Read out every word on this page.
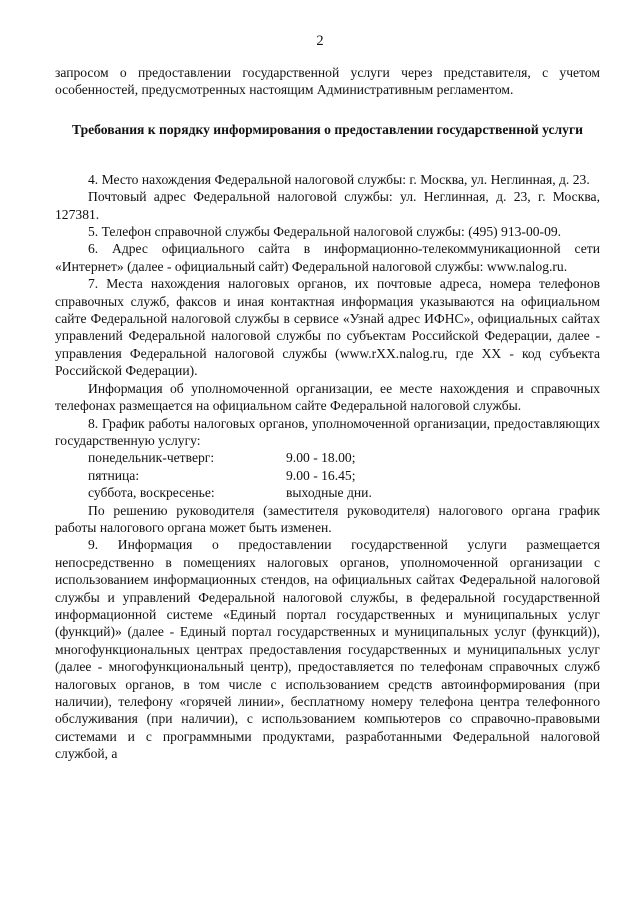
2

запросом о предоставлении государственной услуги через представителя, с учетом особенностей, предусмотренных настоящим Административным регламентом.

Требования к порядку информирования о предоставлении государственной услуги

4. Место нахождения Федеральной налоговой службы: г. Москва, ул. Неглинная, д. 23.

Почтовый адрес Федеральной налоговой службы: ул. Неглинная, д. 23, г. Москва, 127381.

5. Телефон справочной службы Федеральной налоговой службы: (495) 913-00-09.

6. Адрес официального сайта в информационно-телекоммуникационной сети «Интернет» (далее - официальный сайт) Федеральной налоговой службы: www.nalog.ru.

7. Места нахождения налоговых органов, их почтовые адреса, номера телефонов справочных служб, факсов и иная контактная информация указываются на официальном сайте Федеральной налоговой службы в сервисе «Узнай адрес ИФНС», официальных сайтах управлений Федеральной налоговой службы по субъектам Российской Федерации, далее - управления Федеральной налоговой службы (www.rXX.nalog.ru, где XX - код субъекта Российской Федерации).

Информация об уполномоченной организации, ее месте нахождения и справочных телефонах размещается на официальном сайте Федеральной налоговой службы.

8. График работы налоговых органов, уполномоченной организации, предоставляющих государственную услугу:

понедельник-четверг:	9.00 - 18.00;
пятница:	9.00 - 16.45;
суббота, воскресенье:	выходные дни.

По решению руководителя (заместителя руководителя) налогового органа график работы налогового органа может быть изменен.

9. Информация о предоставлении государственной услуги размещается непосредственно в помещениях налоговых органов, уполномоченной организации с использованием информационных стендов, на официальных сайтах Федеральной налоговой службы и управлений Федеральной налоговой службы, в федеральной государственной информационной системе «Единый портал государственных и муниципальных услуг (функций)» (далее - Единый портал государственных и муниципальных услуг (функций)), многофункциональных центрах предоставления государственных и муниципальных услуг (далее - многофункциональный центр), предоставляется по телефонам справочных служб налоговых органов, в том числе с использованием средств автоинформирования (при наличии), телефону «горячей линии», бесплатному номеру телефона центра телефонного обслуживания (при наличии), с использованием компьютеров со справочно-правовыми системами и с программными продуктами, разработанными Федеральной налоговой службой, а
